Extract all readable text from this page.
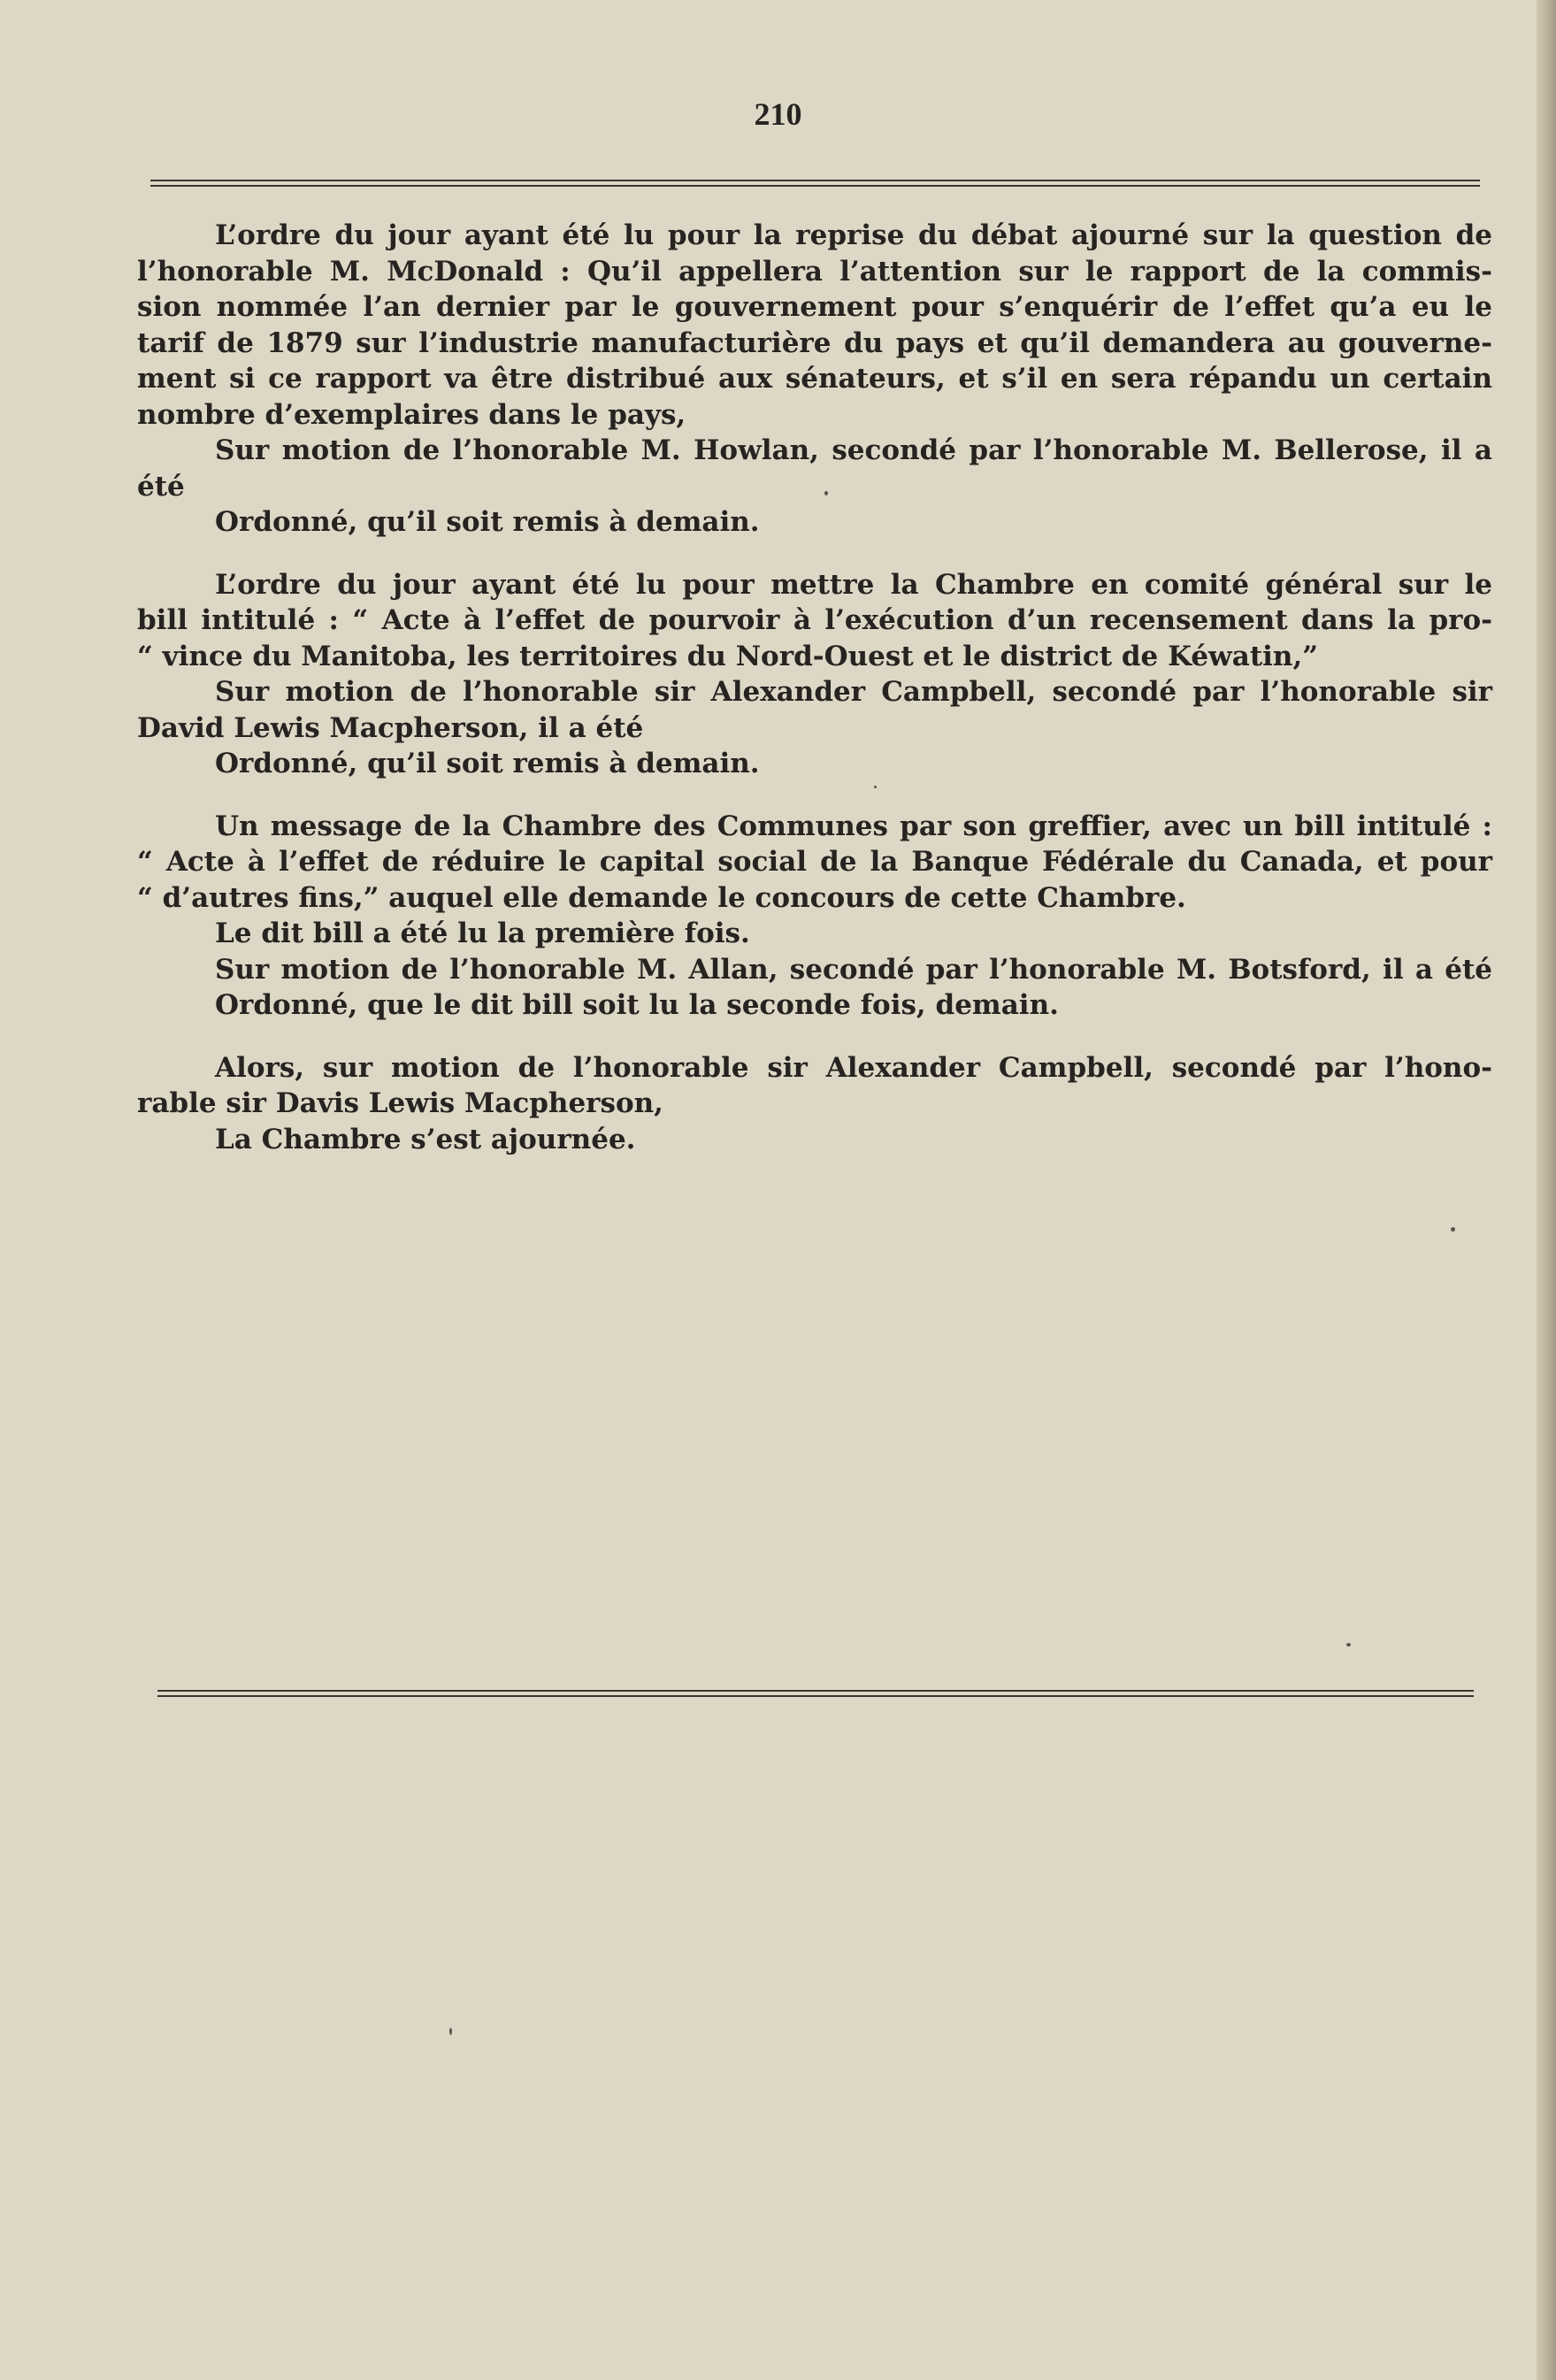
210
L’ordre du jour ayant été lu pour la reprise du débat ajourné sur la question de
l’honorable M. McDonald : Qu’il appellera l’attention sur le rapport de la commis-
sion nommée l’an dernier par le gouvernement pour s’enquérir de l’effet qu’a eu le
tarif de 1879 sur l’industrie manufacturière du pays et qu’il demandera au gouverne-
ment si ce rapport va être distribué aux sénateurs, et s’il en sera répandu un certain
nombre d’exemplaires dans le pays,
Sur motion de l’honorable M. Howlan, secondé par l’honorable M. Bellerose, il a
été
Ordonné, qu’il soit remis à demain.
L’ordre du jour ayant été lu pour mettre la Chambre en comité général sur le
bill intitulé : “ Acte à l’effet de pourvoir à l’exécution d’un recensement dans la pro-
“ vince du Manitoba, les territoires du Nord-Ouest et le district de Kéwatin,”
Sur motion de l’honorable sir Alexander Campbell, secondé par l’honorable sir
David Lewis Macpherson, il a été
Ordonné, qu’il soit remis à demain.
Un message de la Chambre des Communes par son greffier, avec un bill intitulé :
“ Acte à l’effet de réduire le capital social de la Banque Fédérale du Canada, et pour
“ d’autres fins,” auquel elle demande le concours de cette Chambre.
Le dit bill a été lu la première fois.
Sur motion de l’honorable M. Allan, secondé par l’honorable M. Botsford, il a été
Ordonné, que le dit bill soit lu la seconde fois, demain.
Alors, sur motion de l’honorable sir Alexander Campbell, secondé par l’hono-
rable sir Davis Lewis Macpherson,
La Chambre s’est ajournée.
